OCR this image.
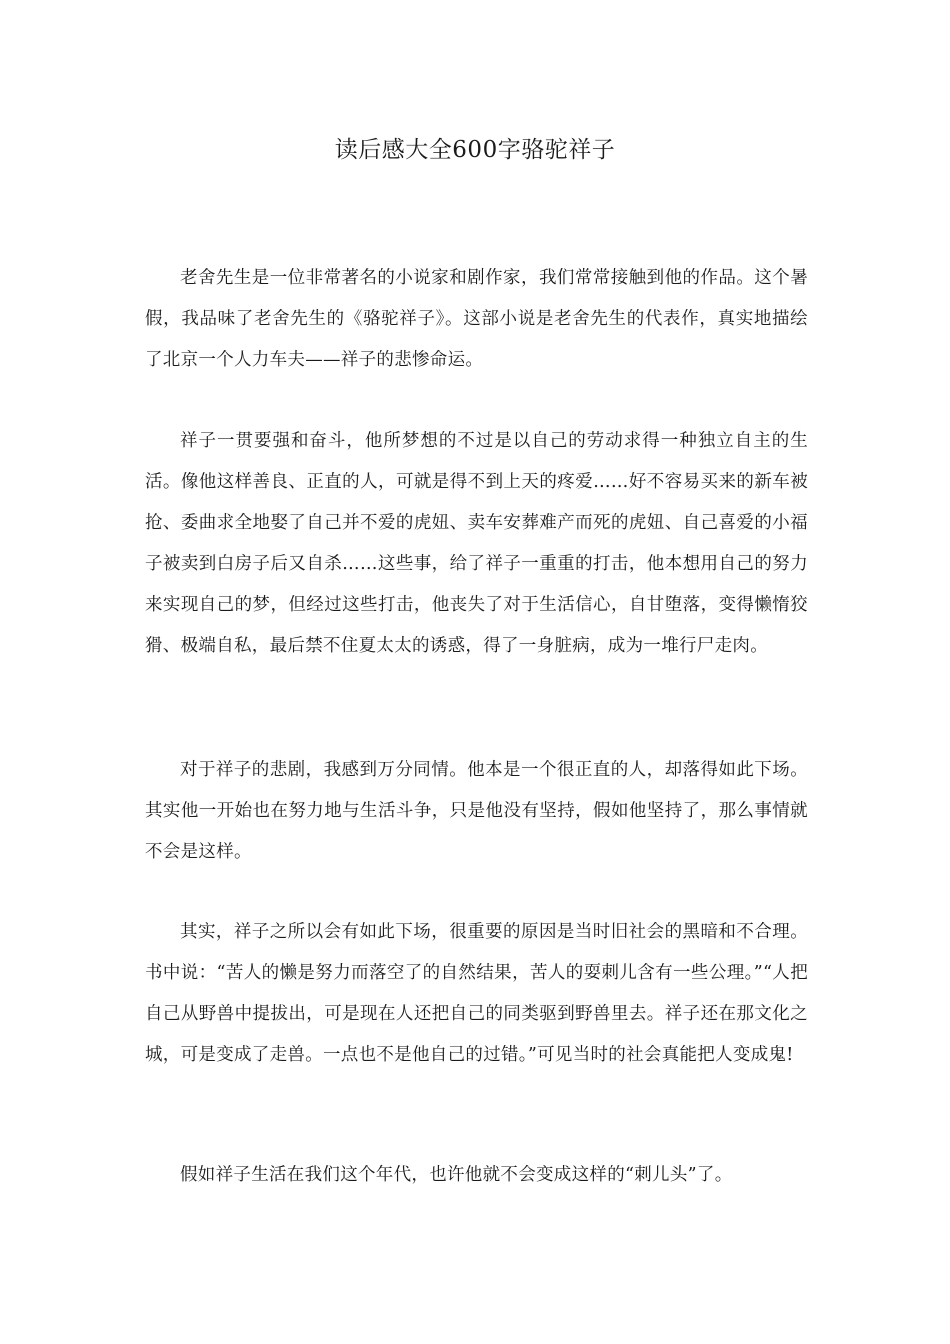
读后感大全600字骆驼祥子

老舍先生是一位非常著名的小说家和剧作家，我们常常接触到他的作品。这个暑假，我品味了老舍先生的《骆驼祥子》。这部小说是老舍先生的代表作，真实地描绘了北京一个人力车夫——祥子的悲惨命运。

祥子一贯要强和奋斗，他所梦想的不过是以自己的劳动求得一种独立自主的生活。像他这样善良、正直的人，可就是得不到上天的疼爱……好不容易买来的新车被抢、委曲求全地娶了自己并不爱的虎妞、卖车安葬难产而死的虎妞、自己喜爱的小福子被卖到白房子后又自杀……这些事，给了祥子一重重的打击，他本想用自己的努力来实现自己的梦，但经过这些打击，他丧失了对于生活信心，自甘堕落，变得懒惰狡猾、极端自私，最后禁不住夏太太的诱惑，得了一身脏病，成为一堆行尸走肉。

对于祥子的悲剧，我感到万分同情。他本是一个很正直的人，却落得如此下场。其实他一开始也在努力地与生活斗争，只是他没有坚持，假如他坚持了，那么事情就不会是这样。

其实，祥子之所以会有如此下场，很重要的原因是当时旧社会的黑暗和不合理。书中说：“苦人的懒是努力而落空了的自然结果，苦人的耍刺儿含有一些公理。”“人把自己从野兽中提拔出，可是现在人还把自己的同类驱到野兽里去。祥子还在那文化之城，可是变成了走兽。一点也不是他自己的过错。”可见当时的社会真能把人变成鬼!

假如祥子生活在我们这个年代，也许他就不会变成这样的“刺儿头”了。
